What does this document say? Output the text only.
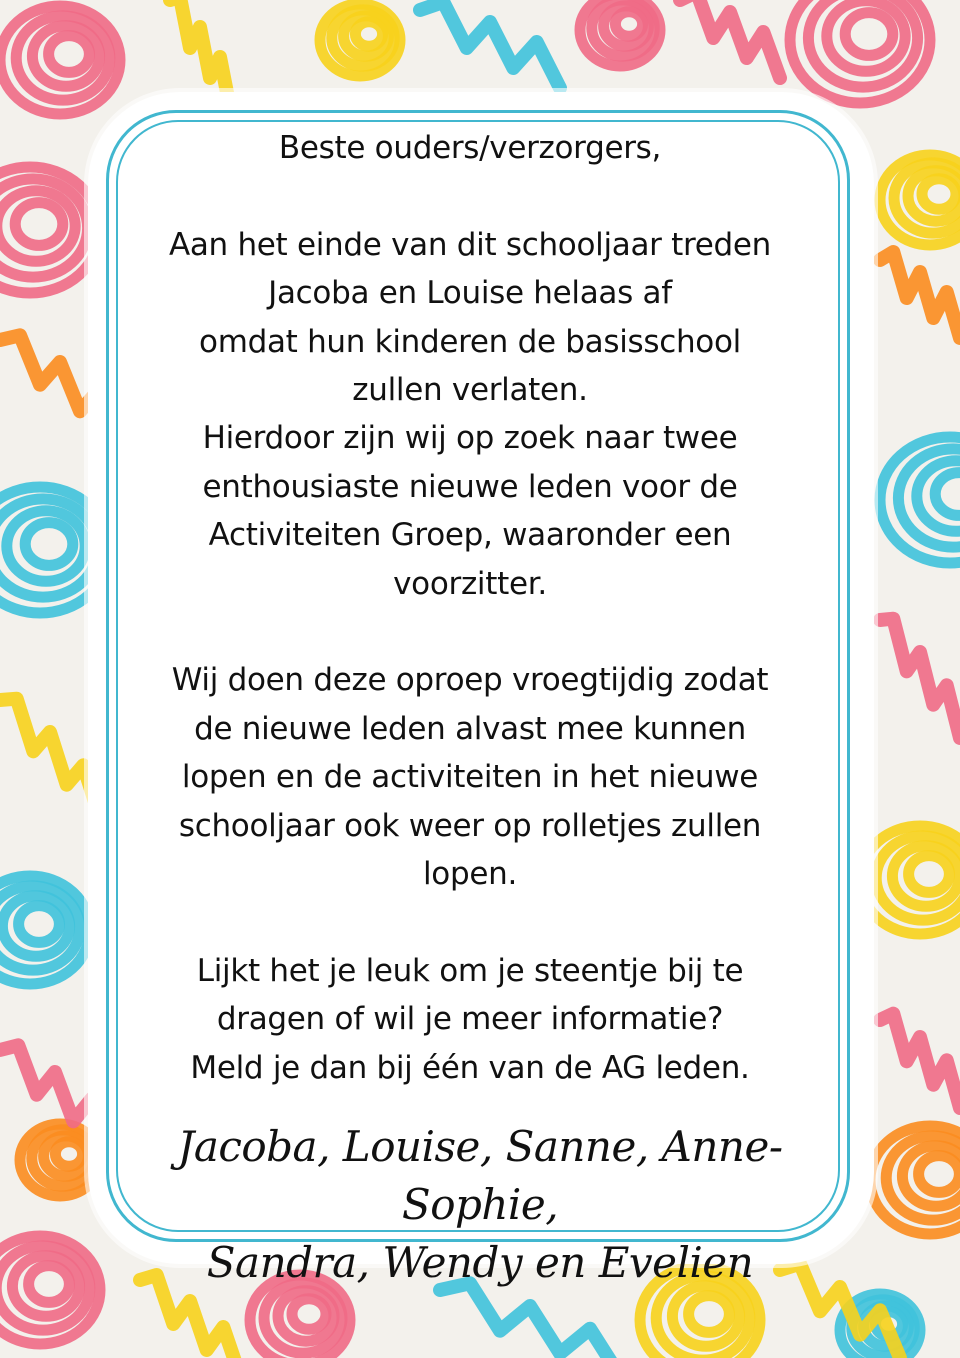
Beste ouders/verzorgers,

Aan het einde van dit schooljaar treden

Jacoba en Louise helaas af

omdat hun kinderen de basisschool

zullen verlaten.

Hierdoor zijn wij op zoek naar twee

enthousiaste nieuwe leden voor de

Activiteiten Groep, waaronder een

voorzitter.

Wij doen deze oproep vroegtijdig zodat

de nieuwe leden alvast mee kunnen

lopen en de activiteiten in het nieuwe

schooljaar ook weer op rolletjes zullen

lopen.

Lijkt het je leuk om je steentje bij te

dragen of wil je meer informatie?

Meld je dan bij één van de AG leden.

Jacoba, Louise, Sanne, Anne-Sophie,

Sandra, Wendy en Evelien
